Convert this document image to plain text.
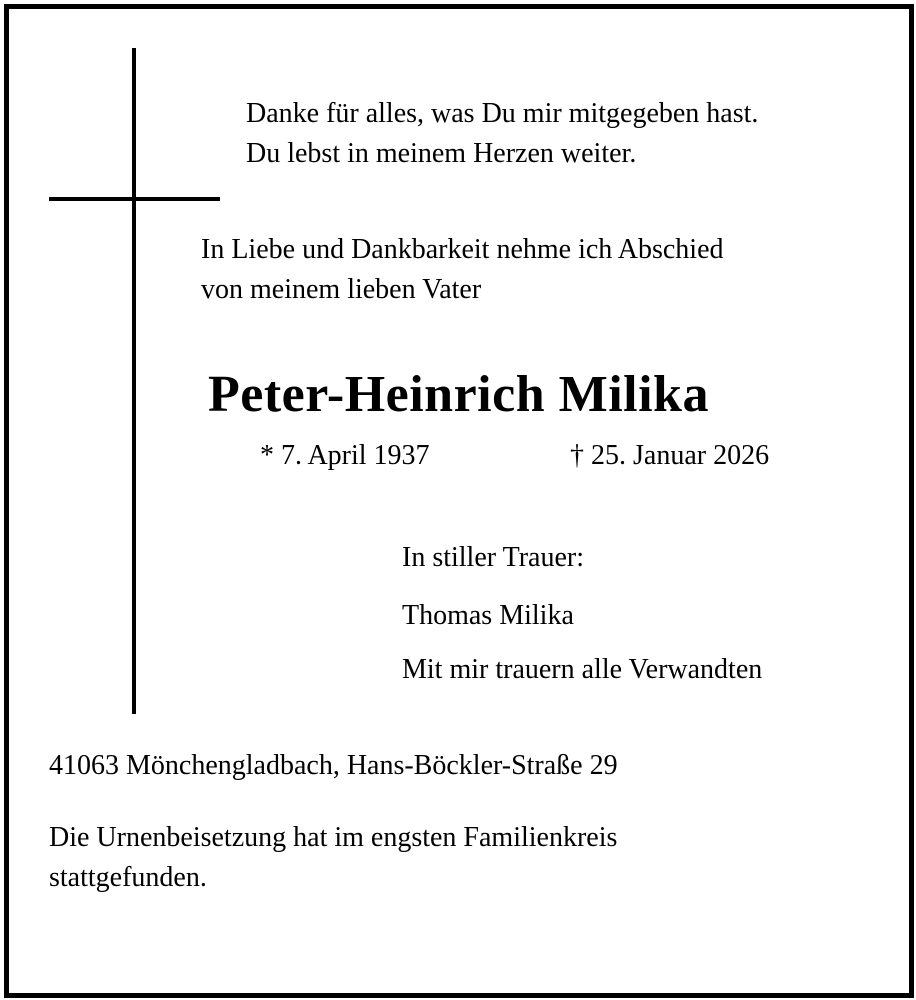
Danke für alles, was Du mir mitgegeben hast.
Du lebst in meinem Herzen weiter.
In Liebe und Dankbarkeit nehme ich Abschied
von meinem lieben Vater
Peter-Heinrich Milika
* 7. April 1937	† 25. Januar 2026
In stiller Trauer:
Thomas Milika
Mit mir trauern alle Verwandten
41063 Mönchengladbach, Hans-Böckler-Straße 29
Die Urnenbeisetzung hat im engsten Familienkreis
stattgefunden.
